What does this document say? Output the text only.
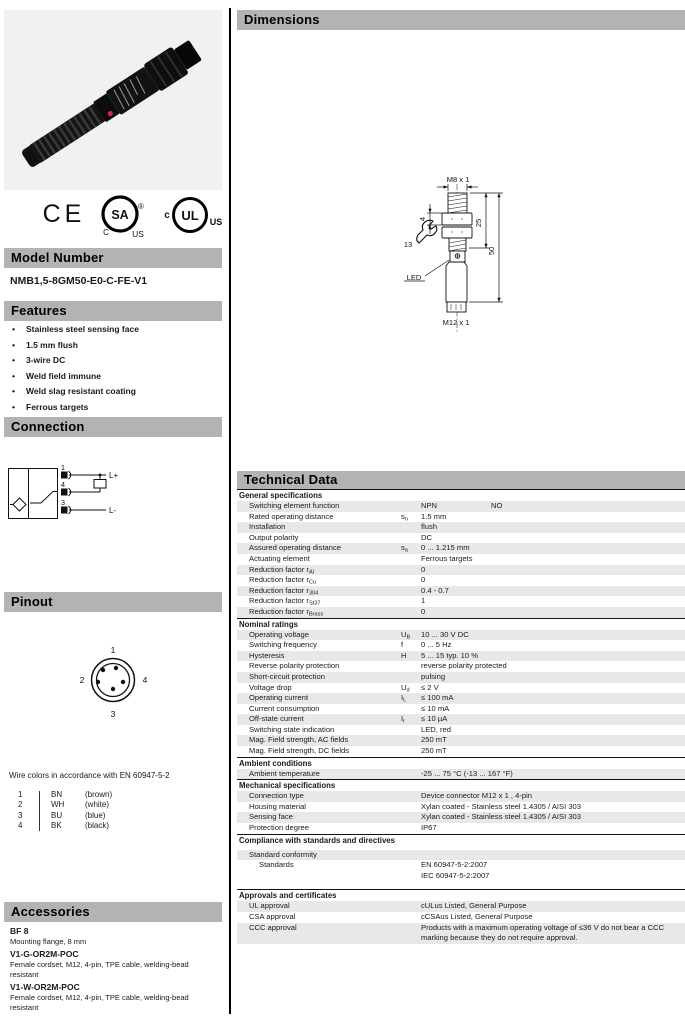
CE SA
®
C	US
UL
c
US
Model Number
NMB1,5-8GM50-E0-C-FE-V1
Features
•	Stainless steel sensing face
•	1.5 mm flush
•	3-wire DC
•	Weld field immune
•	Weld slag resistant coating
•	Ferrous targets
Connection
1
4
3
L+
L-
Pinout
1
2	4
3
Wire colors in accordance with EN 60947-5-2
1	BN	(brown)
2	WH	(white)
3	BU	(blue)
4	BK	(black)
Accessories
BF 8
Mounting flange, 8 mm
V1-G-OR2M-POC
Female cordset, M12, 4-pin, TPE cable, welding-bead resistant
V1-W-OR2M-POC
Female cordset, M12, 4-pin, TPE cable, welding-bead resistant
Dimensions
M8 x 1
4	25
50
13
LED
M12 x 1
Technical Data
General specifications
Switching element function	NPN	NO
Rated operating distance	$s_n$	1.5 mm
Installation	flush
Output polarity	DC
Assured operating distance	$s_a$	0 ... 1.215 mm
Actuating element	Ferrous targets
Reduction factor $r_{Al}$	0
Reduction factor $r_{Cu}$	0
Reduction factor $r_{304}$	0.4 - 0.7
Reduction factor $r_{St37}$	1
Reduction factor $r_{Brass}$	0
Nominal ratings
Operating voltage	$U_B$	10 ... 30 V DC
Switching frequency	f	0 ... 5 Hz
Hysteresis	H	5 ... 15 typ. 10 %
Reverse polarity protection	reverse polarity protected
Short-circuit protection	pulsing
Voltage drop	$U_d$	≤ 2 V
Operating current	$I_L$	≤ 100 mA
Current consumption	≤ 10 mA
Off-state current	$I_r$	≤ 10 µA
Switching state indication	LED, red
Mag. Field strength, AC fields	250 mT
Mag. Field strength, DC fields	250 mT
Ambient conditions
Ambient temperature	-25 ... 75 °C (-13 ... 167 °F)
Mechanical specifications
Connection type	Device connector M12 x 1 , 4-pin
Housing material	Xylan coated - Stainless steel 1.4305 / AISI 303
Sensing face	Xylan coated - Stainless steel 1.4305 / AISI 303
Protection degree	IP67
Compliance with standards and directives
Standard conformity
Standards	EN 60947-5-2:2007
IEC 60947-5-2:2007
Approvals and certificates
UL approval	cULus Listed, General Purpose
CSA approval	cCSAus Listed, General Purpose
CCC approval	Products with a maximum operating voltage of ≤36 V do not bear a CCC marking because they do not require approval.
